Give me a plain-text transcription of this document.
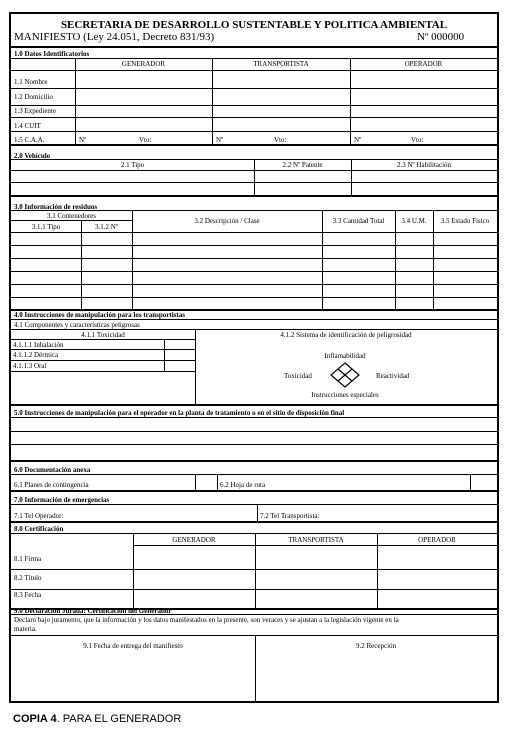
SECRETARIA DE DESARROLLO SUSTENTABLE Y POLITICA AMBIENTAL
MANIFIESTO (Ley 24.051, Decreto 831/93)	Nº 000000
1.0 Datos Identificatorios
GENERADOR	TRANSPORTISTA	OPERADOR
1.1 Nombre
1.2 Domicilio
1.3 Expediente
1.4 CUIT
1.5 C.A.A.	Nº	Vto:	Nº	Vto:	Nº	Vto:
2.0 Vehículo
2.1 Tipo	2.2 Nº Patente	2.3 Nº Habilitación
3.0 Información de residuos
3.1 Contenedores
3.1.1 Tipo	3.1.2 Nº
3.2 Descripción / Clase	3.3 Cantidad Total	3.4 U.M.	3.5 Estado Físico
4.0 Instrucciones de manipulación para los transportistas
4.1 Componentes y características peligrosas
4.1.1 Toxicidad	4.1.2 Sistema de identificación de peligrosidad
4.1.1.1 Inhalación
4.1.1.2 Dérmica
4.1.1.3 Oral
Inflamabilidad
Toxicidad	Reactividad
Instrucciones especiales
5.0 Instrucciones de manipulación para el operador en la planta de tratamiento o en el sitio de disposición final
6.0 Documentación anexa
6.1 Planes de contingencia	6.2 Hoja de ruta
7.0 Información de emergencias
7.1 Tel Operador:	7.2 Tel Transportista:
8.0 Certificación
GENERADOR	TRANSPORTISTA	OPERADOR
8.1 Firma
8.2 Título
8.3 Fecha
9.0 Declaración Jurada: Certificación del Generador
Declaro bajo juramento, que la información y los datos manifestados en la presente, son veraces y se ajustan a la legislación vigente en la
materia.
9.1 Fecha de entrega del manifiesto	9.2 Recepción
COPIA 4. PARA EL GENERADOR
